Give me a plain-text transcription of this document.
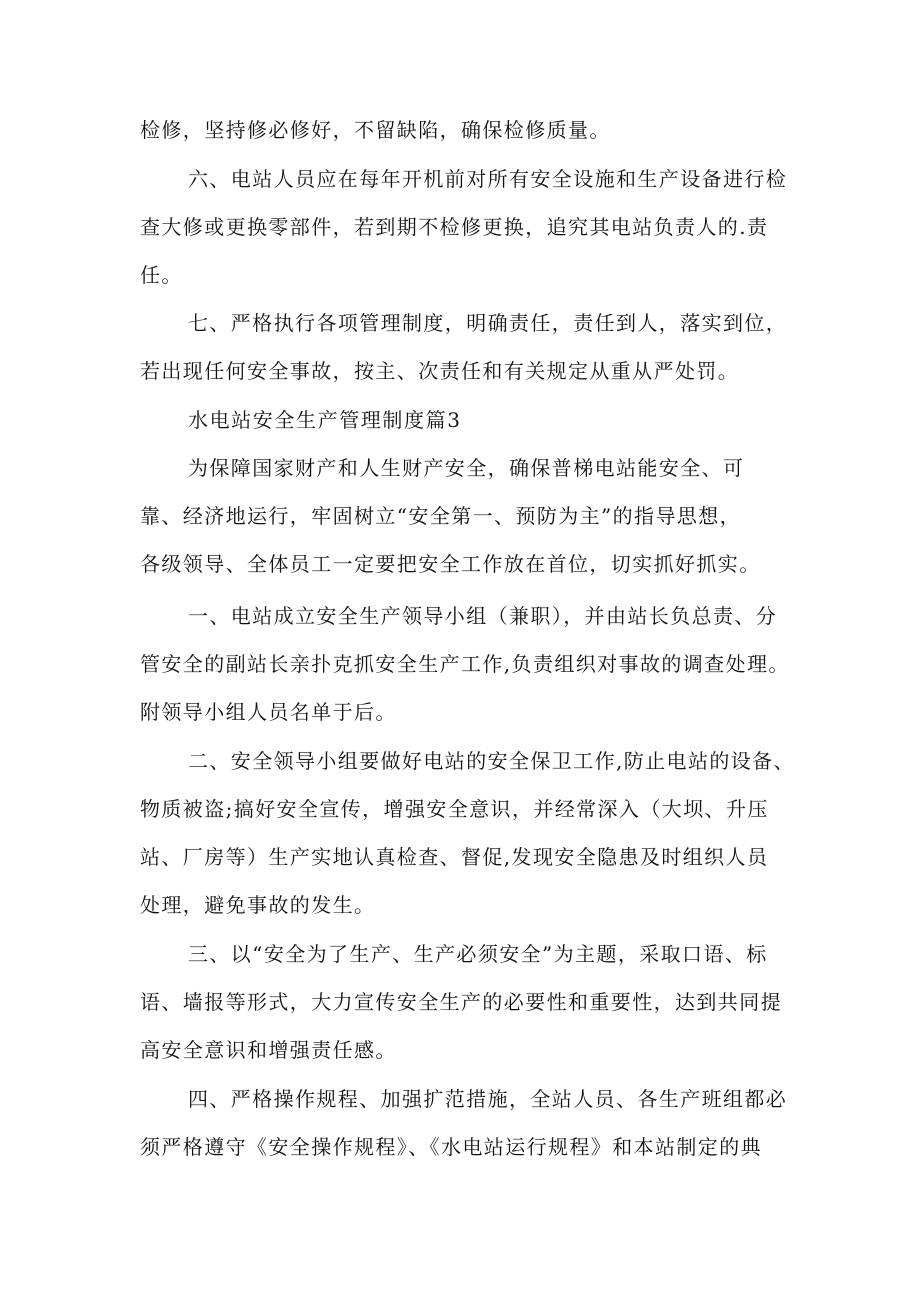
检修，坚持修必修好，不留缺陷，确保检修质量。
六、电站人员应在每年开机前对所有安全设施和生产设备进行检
查大修或更换零部件，若到期不检修更换，追究其电站负责人的.责
任。
七、严格执行各项管理制度，明确责任，责任到人，落实到位，
若出现任何安全事故，按主、次责任和有关规定从重从严处罚。
水电站安全生产管理制度篇3
为保障国家财产和人生财产安全，确保普梯电站能安全、可
靠、经济地运行，牢固树立“安全第一、预防为主”的指导思想，
各级领导、全体员工一定要把安全工作放在首位，切实抓好抓实。
一、电站成立安全生产领导小组（兼职），并由站长负总责、分
管安全的副站长亲扑克抓安全生产工作,负责组织对事故的调查处理。
附领导小组人员名单于后。
二、安全领导小组要做好电站的安全保卫工作,防止电站的设备、
物质被盗;搞好安全宣传，增强安全意识，并经常深入（大坝、升压
站、厂房等）生产实地认真检查、督促,发现安全隐患及时组织人员
处理，避免事故的发生。
三、以“安全为了生产、生产必须安全”为主题，采取口语、标
语、墙报等形式，大力宣传安全生产的必要性和重要性，达到共同提
高安全意识和增强责任感。
四、严格操作规程、加强扩范措施，全站人员、各生产班组都必
须严格遵守《安全操作规程》、《水电站运行规程》和本站制定的典
